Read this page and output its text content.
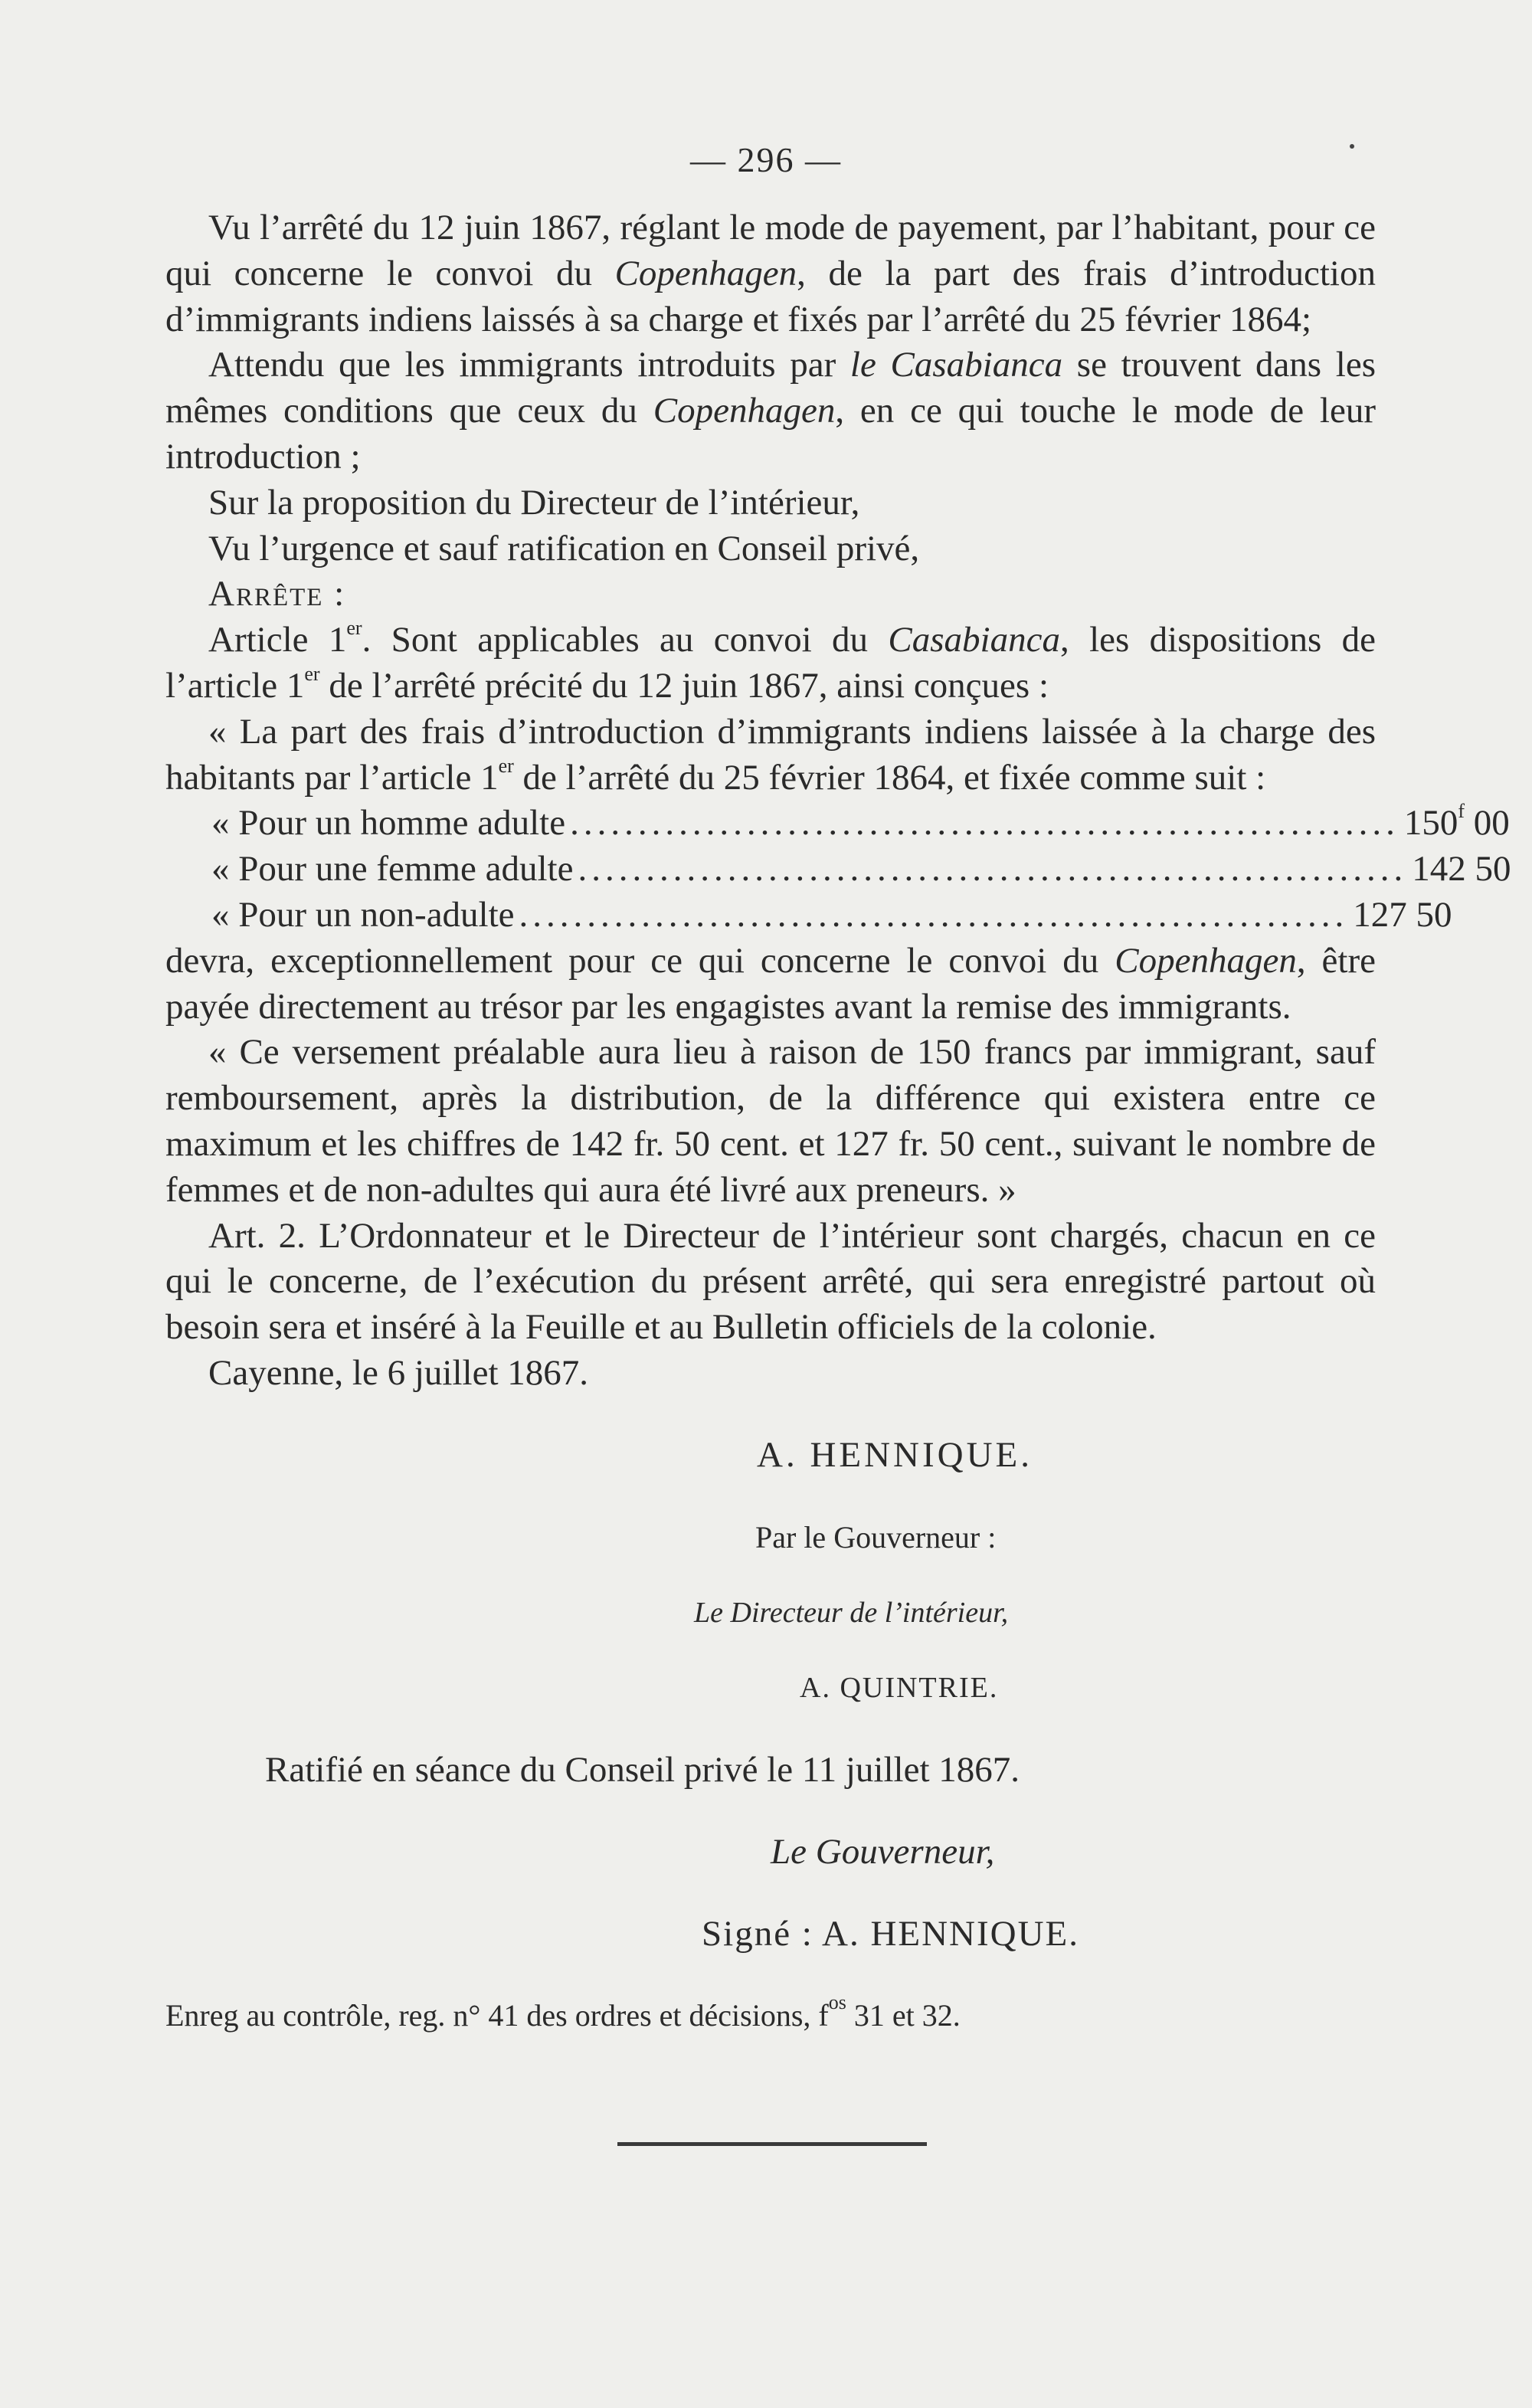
— 296 —

Vu l’arrêté du 12 juin 1867, réglant le mode de payement, par l’habitant, pour ce qui concerne le convoi du Copenhagen, de la part des frais d’introduction d’immigrants indiens laissés à sa charge et fixés par l’arrêté du 25 février 1864;

Attendu que les immigrants introduits par le Casabianca se trouvent dans les mêmes conditions que ceux du Copenhagen, en ce qui touche le mode de leur introduction ;

Sur la proposition du Directeur de l’intérieur,

Vu l’urgence et sauf ratification en Conseil privé,

Arrête :

Article 1er. Sont applicables au convoi du Casabianca, les dispositions de l’article 1er de l’arrêté précité du 12 juin 1867, ainsi conçues :

« La part des frais d’introduction d’immigrants indiens laissée à la charge des habitants par l’article 1er de l’arrêté du 25 février 1864, et fixée comme suit :

« Pour un homme adulte ............................................................. 150$^f$ 00
« Pour une femme adulte ............................................................. 142 50
« Pour un non-adulte ............................................................. 127 50

devra, exceptionnellement pour ce qui concerne le convoi du Copenhagen, être payée directement au trésor par les engagistes avant la remise des immigrants.

« Ce versement préalable aura lieu à raison de 150 francs par immigrant, sauf remboursement, après la distribution, de la différence qui existera entre ce maximum et les chiffres de 142 fr. 50 cent. et 127 fr. 50 cent., suivant le nombre de femmes et de non-adultes qui aura été livré aux preneurs. »

Art. 2. L’Ordonnateur et le Directeur de l’intérieur sont chargés, chacun en ce qui le concerne, de l’exécution du présent arrêté, qui sera enregistré partout où besoin sera et inséré à la Feuille et au Bulletin officiels de la colonie.

Cayenne, le 6 juillet 1867.

A. HENNIQUE.

Par le Gouverneur :

Le Directeur de l’intérieur,

A. QUINTRIE.

Ratifié en séance du Conseil privé le 11 juillet 1867.

Le Gouverneur,

Signé : A. HENNIQUE.

Enreg au contrôle, reg. n° 41 des ordres et décisions, $f^{os}$ 31 et 32.
